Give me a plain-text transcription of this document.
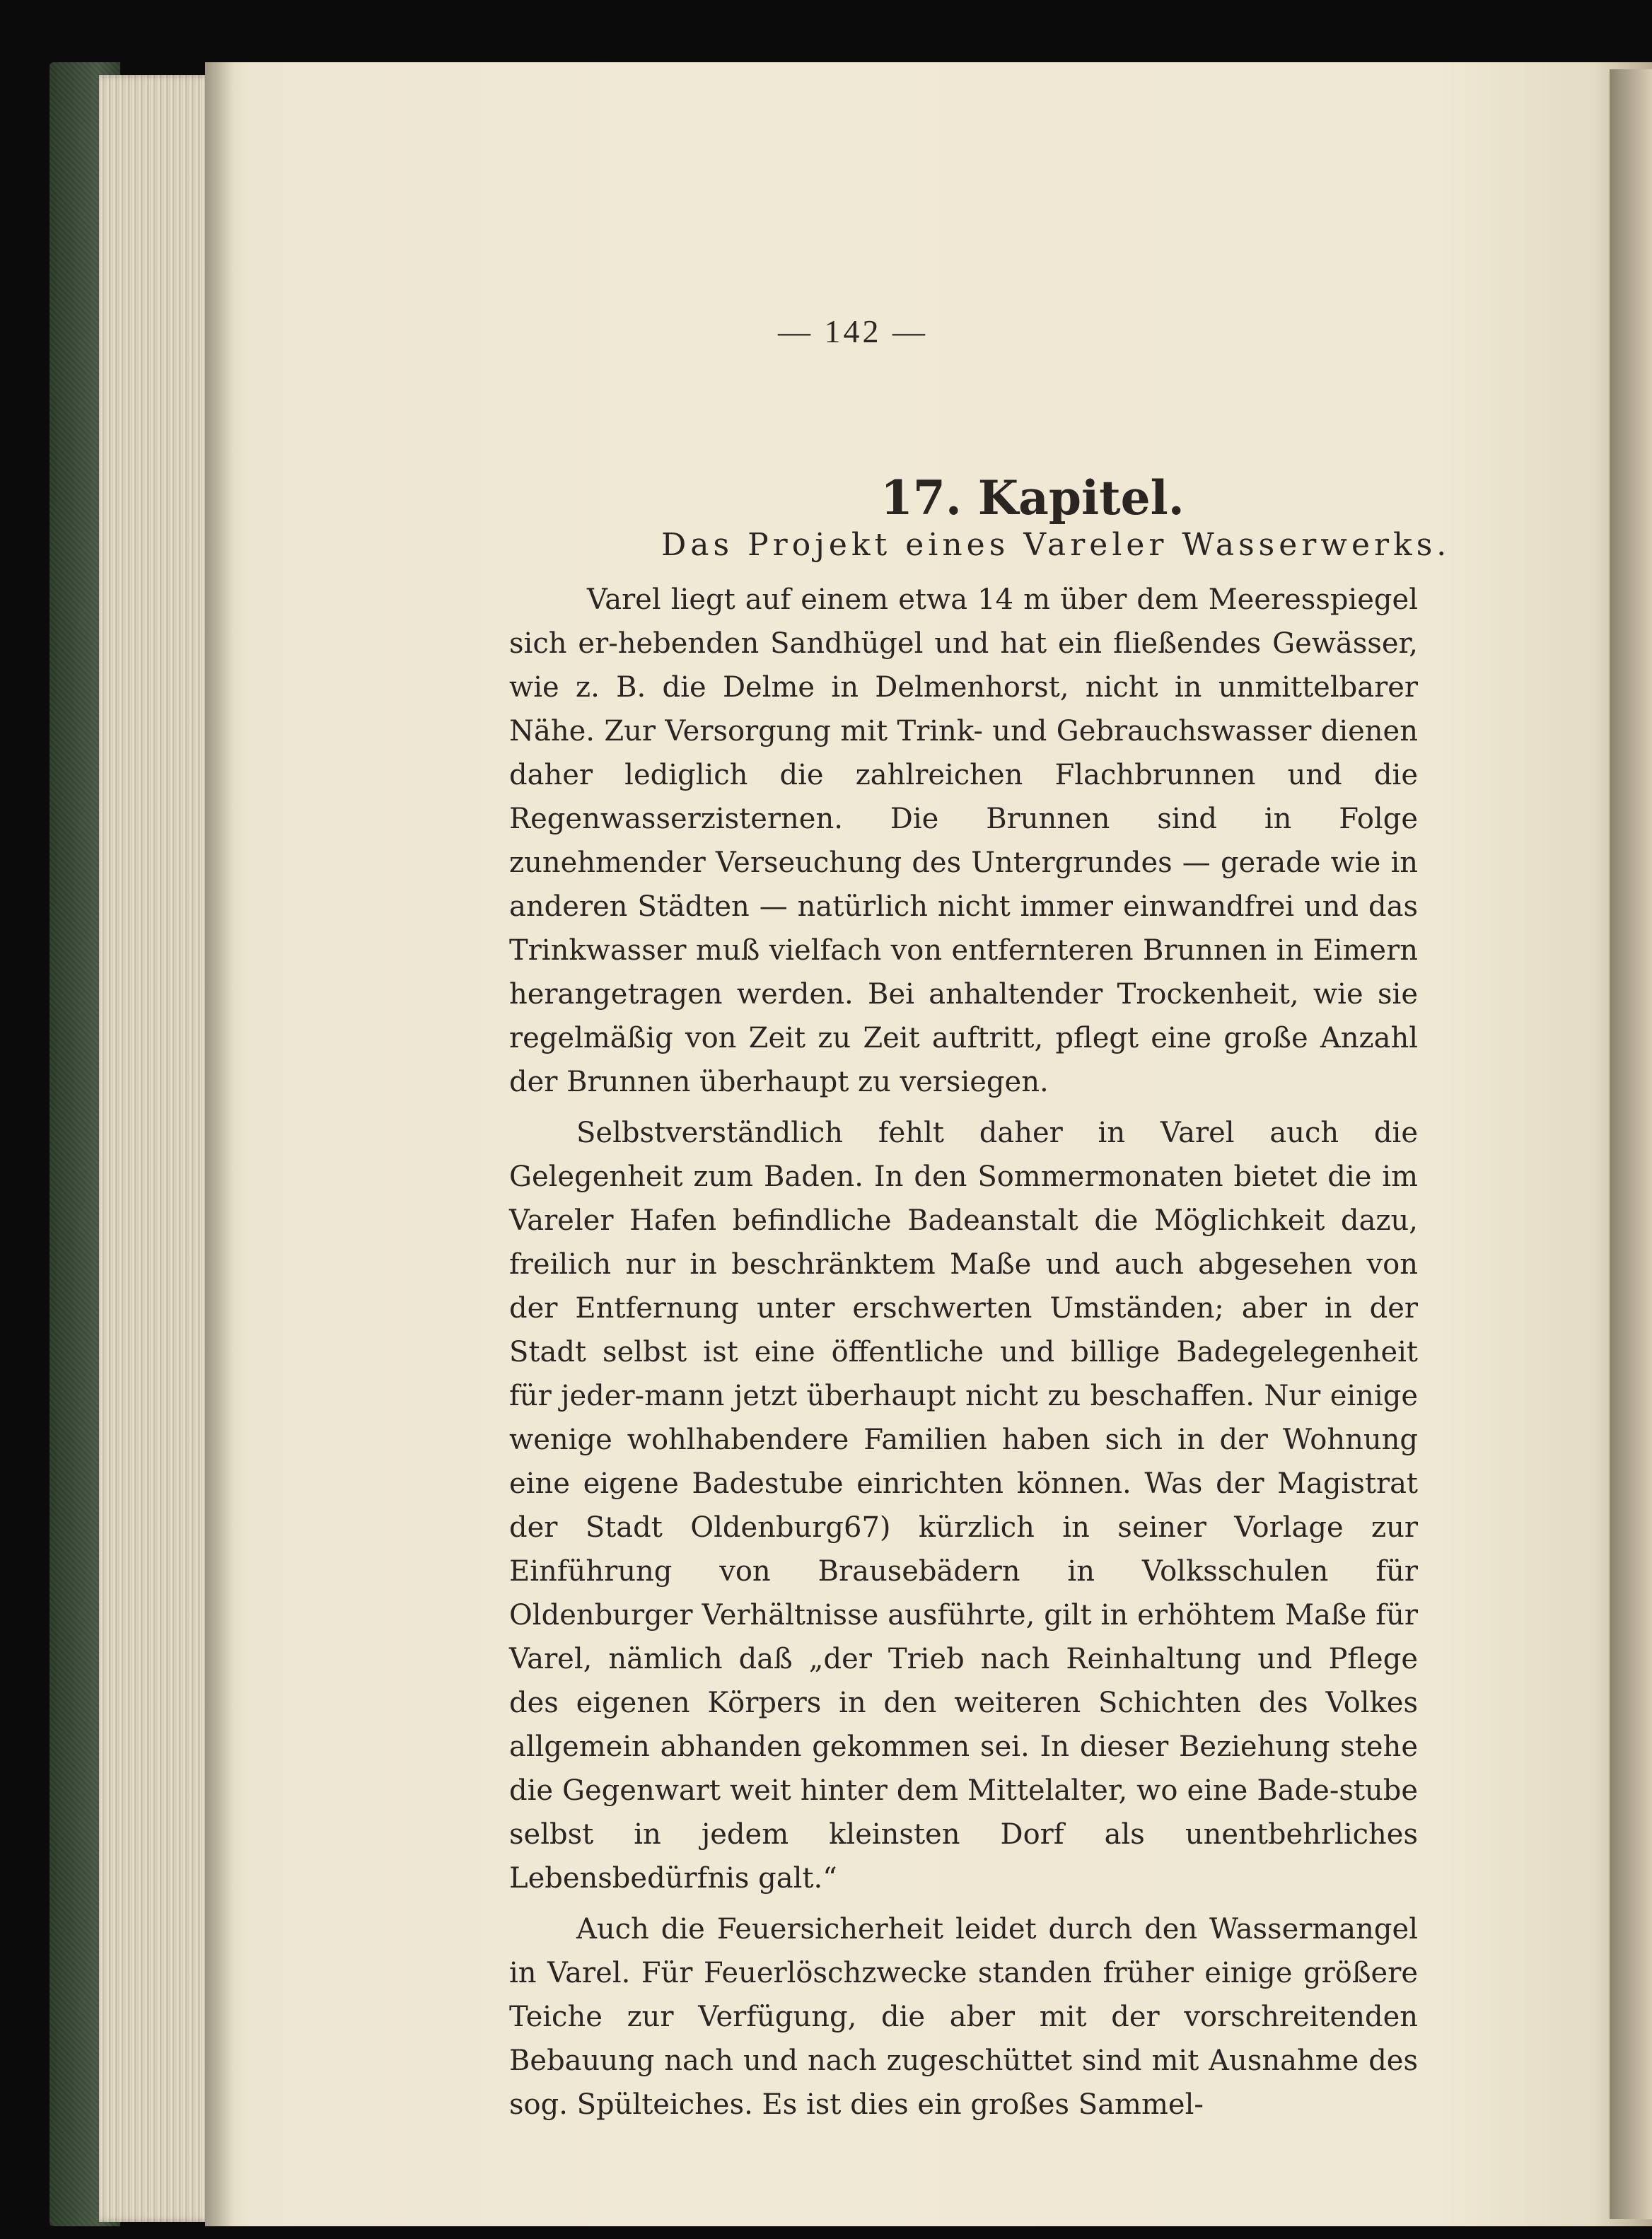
— 142 —
17. Kapitel.
Das Projekt eines Vareler Wasserwerks.

Varel liegt auf einem etwa 14 m über dem Meeresspiegel sich er-hebenden Sandhügel und hat ein fließendes Gewässer, wie z. B. die Delme in Delmenhorst, nicht in unmittelbarer Nähe. Zur Versorgung mit Trink- und Gebrauchswasser dienen daher lediglich die zahlreichen Flachbrunnen und die Regenwasserzisternen. Die Brunnen sind in Folge zunehmender Verseuchung des Untergrundes — gerade wie in anderen Städten — natürlich nicht immer einwandfrei und das Trinkwasser muß vielfach von entfernteren Brunnen in Eimern herangetragen werden. Bei anhaltender Trockenheit, wie sie regelmäßig von Zeit zu Zeit auftritt, pflegt eine große Anzahl der Brunnen überhaupt zu versiegen.

Selbstverständlich fehlt daher in Varel auch die Gelegenheit zum Baden. In den Sommermonaten bietet die im Vareler Hafen befindliche Badeanstalt die Möglichkeit dazu, freilich nur in beschränktem Maße und auch abgesehen von der Entfernung unter erschwerten Umständen; aber in der Stadt selbst ist eine öffentliche und billige Badegelegenheit für jeder-mann jetzt überhaupt nicht zu beschaffen. Nur einige wenige wohlhabendere Familien haben sich in der Wohnung eine eigene Badestube einrichten können. Was der Magistrat der Stadt Oldenburg67) kürzlich in seiner Vorlage zur Einführung von Brausebädern in Volksschulen für Oldenburger Verhältnisse ausführte, gilt in erhöhtem Maße für Varel, nämlich daß „der Trieb nach Reinhaltung und Pflege des eigenen Körpers in den weiteren Schichten des Volkes allgemein abhanden gekommen sei. In dieser Beziehung stehe die Gegenwart weit hinter dem Mittelalter, wo eine Bade-stube selbst in jedem kleinsten Dorf als unentbehrliches Lebensbedürfnis galt.“

Auch die Feuersicherheit leidet durch den Wassermangel in Varel. Für Feuerlöschzwecke standen früher einige größere Teiche zur Verfügung, die aber mit der vorschreitenden Bebauung nach und nach zugeschüttet sind mit Ausnahme des sog. Spülteiches. Es ist dies ein großes Sammel-
